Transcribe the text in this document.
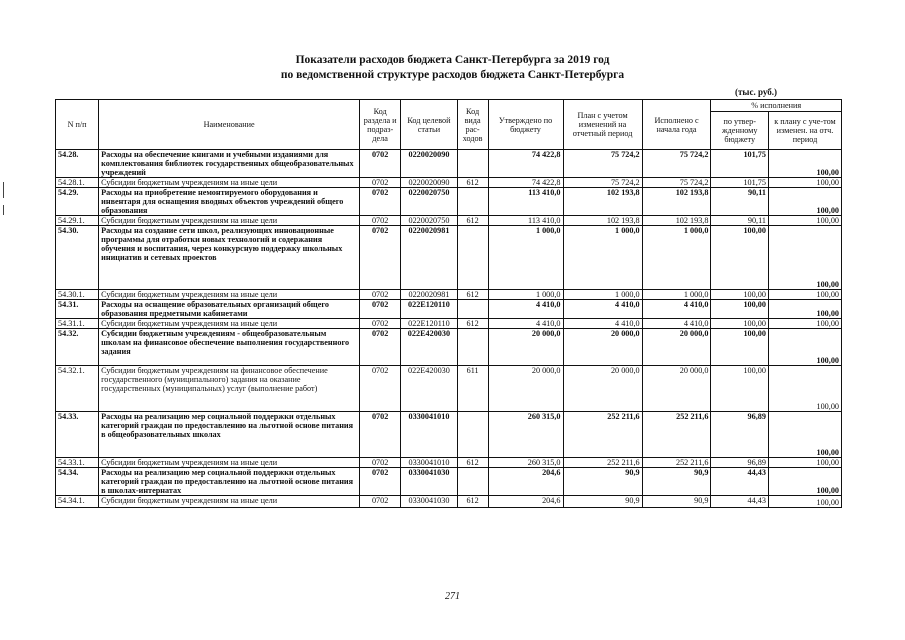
Показатели расходов бюджета Санкт-Петербурга за 2019 год
по ведомственной структуре расходов бюджета Санкт-Петербурга
(тыс. руб.)
N п/п	Наименование	Код раздела и подраз-дела	Код целевой статьи	Код вида рас-ходов	Утверждено по бюджету	План с учетом изменений на отчетный период	Исполнено с начала года	% исполнения	
								по утвер-жденному бюджету	к плану с уче-том изменен. на отч. период
54.28.	Расходы на обеспечение книгами и учебными изданиями для комплектования библиотек государственных общеобразовательных учреждений	0702	0220020090		74 422,8	75 724,2	75 724,2	101,75	100,00
54.28.1.	Субсидии бюджетным учреждениям на иные цели	0702	0220020090	612	74 422,8	75 724,2	75 724,2	101,75	100,00
54.29.	Расходы на приобретение немонтируемого оборудования и инвентаря для оснащения вводных объектов учреждений общего образования	0702	0220020750		113 410,0	102 193,8	102 193,8	90,11	100,00
54.29.1.	Субсидии бюджетным учреждениям на иные цели	0702	0220020750	612	113 410,0	102 193,8	102 193,8	90,11	100,00
54.30.	Расходы на создание сети школ, реализующих инновационные программы для отработки новых технологий и содержания обучения и воспитания, через конкурсную поддержку школьных инициатив и сетевых проектов	0702	0220020981		1 000,0	1 000,0	1 000,0	100,00	100,00
54.30.1.	Субсидии бюджетным учреждениям на иные цели	0702	0220020981	612	1 000,0	1 000,0	1 000,0	100,00	100,00
54.31.	Расходы на оснащение образовательных организаций общего образования предметными кабинетами	0702	022E120110		4 410,0	4 410,0	4 410,0	100,00	100,00
54.31.1.	Субсидии бюджетным учреждениям на иные цели	0702	022E120110	612	4 410,0	4 410,0	4 410,0	100,00	100,00
54.32.	Субсидии бюджетным учреждениям - общеобразовательным школам на финансовое обеспечение выполнения государственного задания	0702	022E420030		20 000,0	20 000,0	20 000,0	100,00	100,00
54.32.1.	Субсидии бюджетным учреждениям на финансовое обеспечение государственного (муниципального) задания на оказание государственных (муниципальных) услуг (выполнение работ)	0702	022E420030	611	20 000,0	20 000,0	20 000,0	100,00	100,00
54.33.	Расходы на реализацию мер социальной поддержки отдельных категорий граждан по предоставлению на льготной основе питания в общеобразовательных школах	0702	0330041010		260 315,0	252 211,6	252 211,6	96,89	100,00
54.33.1.	Субсидии бюджетным учреждениям на иные цели	0702	0330041010	612	260 315,0	252 211,6	252 211,6	96,89	100,00
54.34.	Расходы на реализацию мер социальной поддержки отдельных категорий граждан по предоставлению на льготной основе питания в школах-интернатах	0702	0330041030		204,6	90,9	90,9	44,43	100,00
54.34.1.	Субсидии бюджетным учреждениям на иные цели	0702	0330041030	612	204,6	90,9	90,9	44,43	100,00
271
